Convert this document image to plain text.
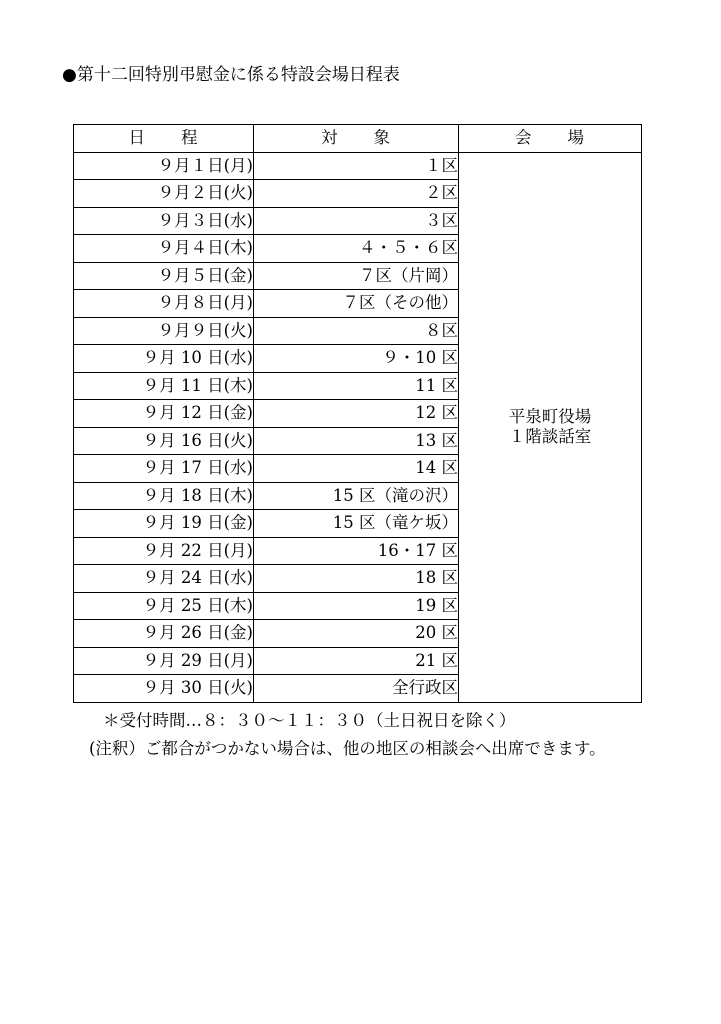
●第十二回特別弔慰金に係る特設会場日程表
日　　程	対　　象	会　　場
９月１日(月)	１区	平泉町役場
１階談話室

９月２日(火)	２区	
９月３日(水)	３区	
９月４日(木)	４・５・６区	
９月５日(金)	７区（片岡）	
９月８日(月)	７区（その他）	
９月９日(火)	８区	
９月 10 日(水)	９・10 区	
９月 11 日(木)	11 区	
９月 12 日(金)	12 区	
９月 16 日(火)	13 区	
９月 17 日(水)	14 区	
９月 18 日(木)	15 区（滝の沢）	
９月 19 日(金)	15 区（竜ケ坂）	
９月 22 日(月)	16・17 区	
９月 24 日(水)	18 区	
９月 25 日(木)	19 区	
９月 26 日(金)	20 区	
９月 29 日(月)	21 区	
９月 30 日(火)	全行政区	
＊受付時間…８：３０～１１：３０（土日祝日を除く）
(注釈）ご都合がつかない場合は、他の地区の相談会へ出席できます。
